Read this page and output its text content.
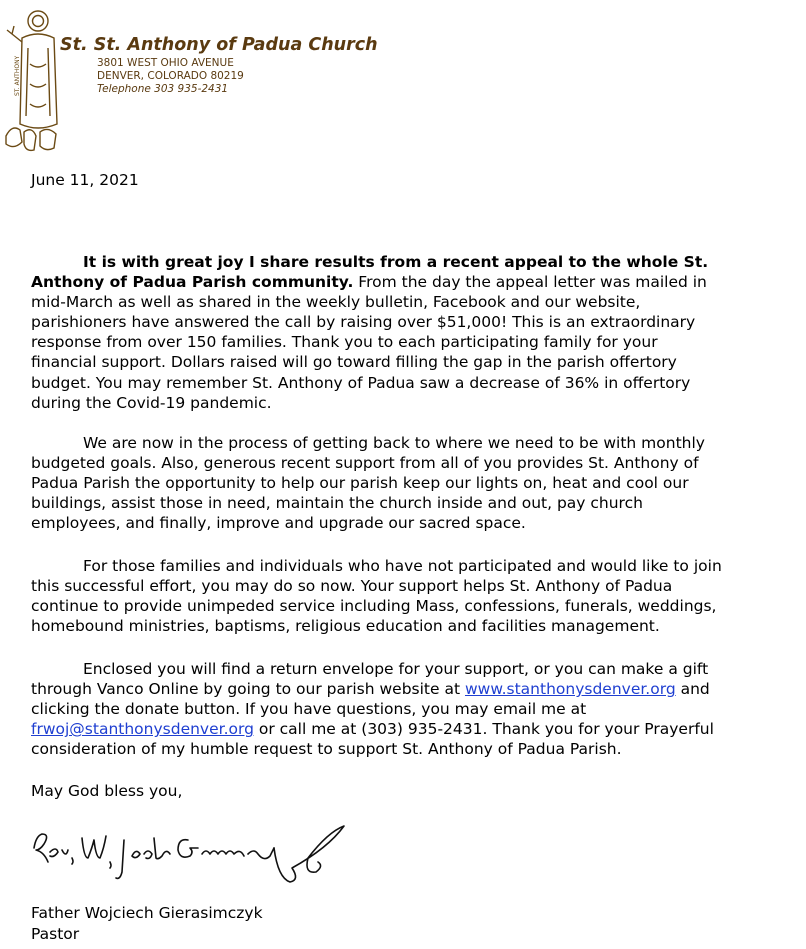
ST. ANTHONY
St. St. Anthony of Padua Church
3801 WEST OHIO AVENUE
DENVER, COLORADO 80219
Telephone 303 935-2431
June 11, 2021
It is with great joy I share results from a recent appeal to the whole St.
Anthony of Padua Parish community. From the day the appeal letter was mailed in
mid-March as well as shared in the weekly bulletin, Facebook and our website,
parishioners have answered the call by raising over $51,000! This is an extraordinary
response from over 150 families. Thank you to each participating family for your
financial support. Dollars raised will go toward filling the gap in the parish offertory
budget. You may remember St. Anthony of Padua saw a decrease of 36% in offertory
during the Covid-19 pandemic.
We are now in the process of getting back to where we need to be with monthly
budgeted goals. Also, generous recent support from all of you provides St. Anthony of
Padua Parish the opportunity to help our parish keep our lights on, heat and cool our
buildings, assist those in need, maintain the church inside and out, pay church
employees, and finally, improve and upgrade our sacred space.
For those families and individuals who have not participated and would like to join
this successful effort, you may do so now. Your support helps St. Anthony of Padua
continue to provide unimpeded service including Mass, confessions, funerals, weddings,
homebound ministries, baptisms, religious education and facilities management.
Enclosed you will find a return envelope for your support, or you can make a gift
through Vanco Online by going to our parish website at www.stanthonysdenver.org and
clicking the donate button. If you have questions, you may email me at
frwoj@stanthonysdenver.org or call me at (303) 935-2431. Thank you for your Prayerful
consideration of my humble request to support St. Anthony of Padua Parish.
May God bless you,
Father Wojciech Gierasimczyk
Pastor
